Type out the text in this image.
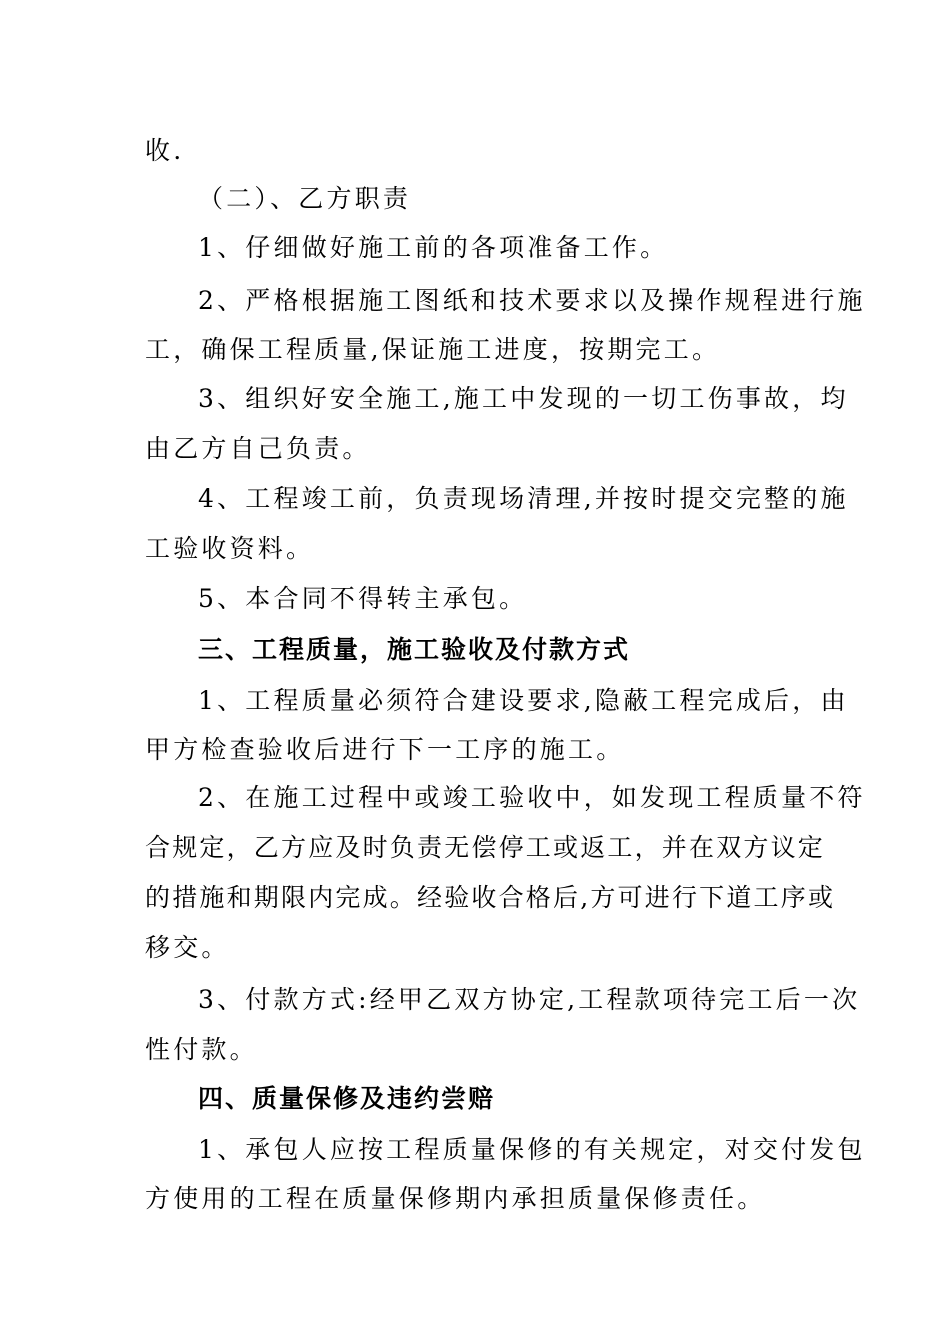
收.
（二）、乙方职责
1、仔细做好施工前的各项准备工作。
2、严格根据施工图纸和技术要求以及操作规程进行施
工，确保工程质量,保证施工进度，按期完工。
3、组织好安全施工,施工中发现的一切工伤事故，均
由乙方自己负责。
4、工程竣工前，负责现场清理,并按时提交完整的施
工验收资料。
5、本合同不得转主承包。
三、工程质量，施工验收及付款方式
1、工程质量必须符合建设要求,隐蔽工程完成后，由
甲方检查验收后进行下一工序的施工。
2、在施工过程中或竣工验收中，如发现工程质量不符
合规定，乙方应及时负责无偿停工或返工，并在双方议定
的措施和期限内完成。经验收合格后,方可进行下道工序或
移交。
3、付款方式:经甲乙双方协定,工程款项待完工后一次
性付款。
四、质量保修及违约尝赔
1、承包人应按工程质量保修的有关规定，对交付发包
方使用的工程在质量保修期内承担质量保修责任。
